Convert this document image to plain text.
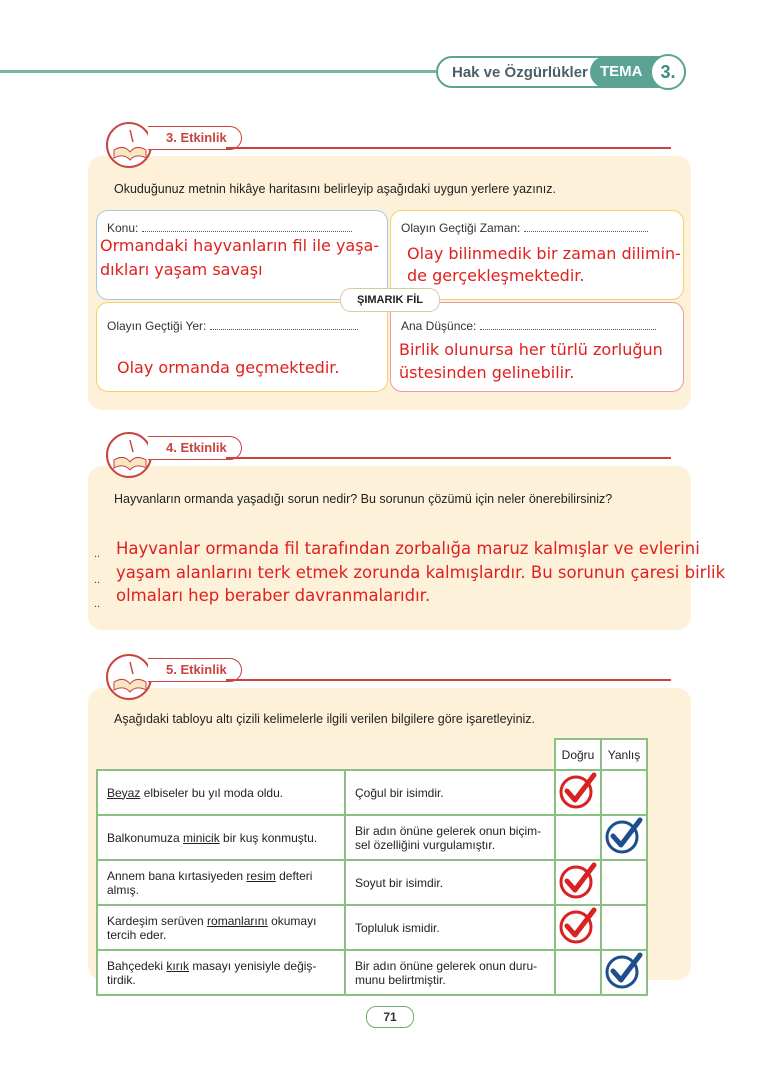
Hak ve Özgürlükler TEMA 3.
3. Etkinlik
Okuduğunuz metnin hikâye haritasını belirleyip aşağıdaki uygun yerlere yazınız.
Konu:
Ormandaki hayvanların fil ile yaşa-
dıkları yaşam savaşı
Olayın Geçtiği Zaman:
Olay bilinmedik bir zaman dilimin-
de gerçekleşmektedir.
Olayın Geçtiği Yer:
Olay ormanda geçmektedir.
Ana Düşünce:
Birlik olunursa her türlü zorluğun
üstesinden gelinebilir.
ŞIMARIK FİL
4. Etkinlik
Hayvanların ormanda yaşadığı sorun nedir? Bu sorunun çözümü için neler önerebilirsiniz?
Hayvanlar ormanda fil tarafından zorbalığa maruz kalmışlar ve evlerini
yaşam alanlarını terk etmek zorunda kalmışlardır. Bu sorunun çaresi birlik
olmaları hep beraber davranmalarıdır.
..
..
..
5. Etkinlik
Aşağıdaki tabloyu altı çizili kelimelerle ilgili verilen bilgilere göre işaretleyiniz.
		Doğru	Yanlış
Beyaz elbiseler bu yıl moda oldu.	Çoğul bir isimdir.		
Balkonumuza minicik bir kuş konmuştu.	Bir adın önüne gelerek onun biçim-sel özelliğini vurgulamıştır.		
Annem bana kırtasiyeden resim defteri almış.	Soyut bir isimdir.		
Kardeşim serüven romanlarını okumayı tercih eder.	Topluluk ismidir.		
Bahçedeki kırık masayı yenisiyle değiş-tirdik.	Bir adın önüne gelerek onun duru-munu belirtmiştir.		
71
